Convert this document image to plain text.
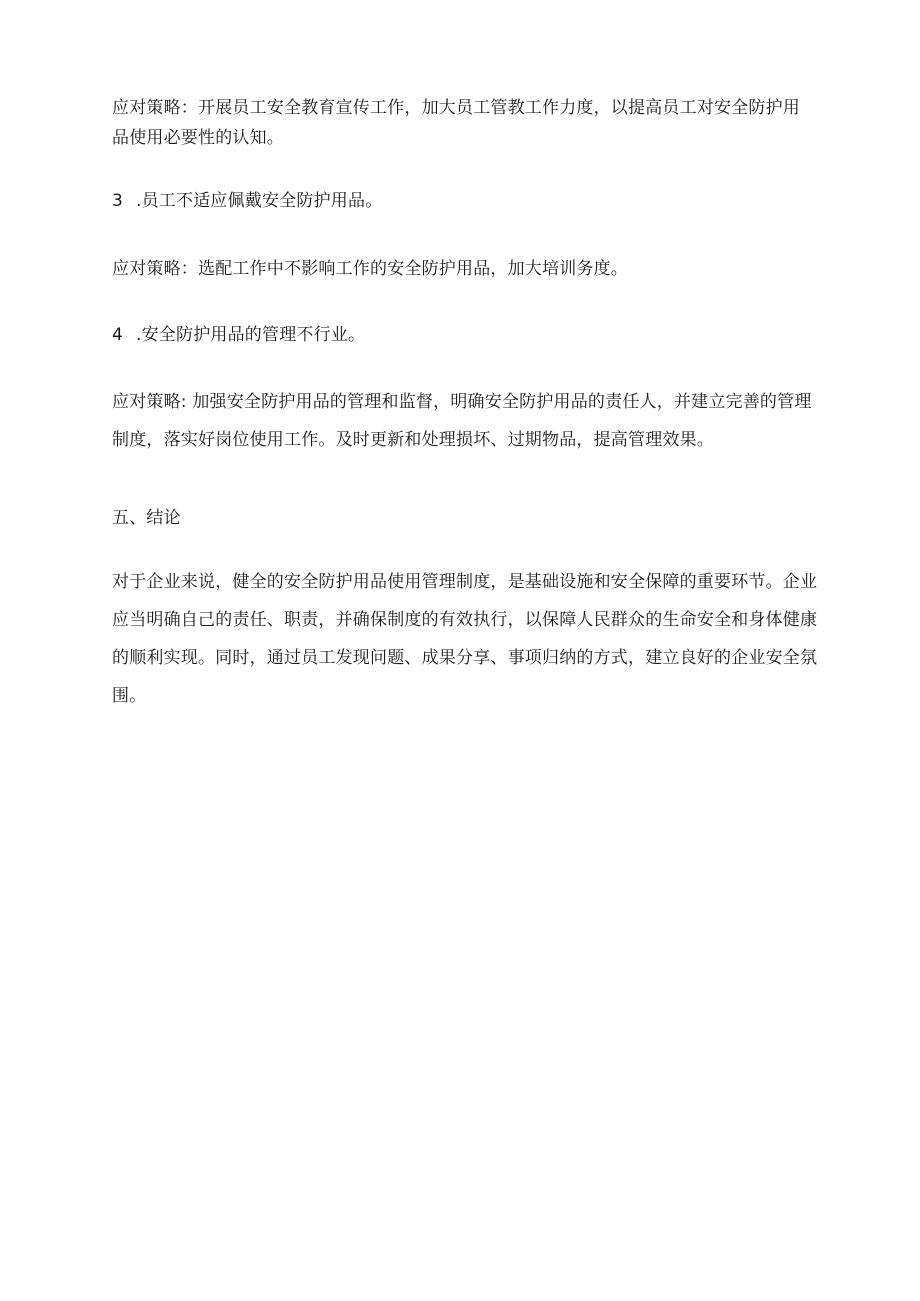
应对策略：开展员工安全教育宣传工作，加大员工管教工作力度，以提高员工对安全防护用
品使用必要性的认知。
3 .员工不适应佩戴安全防护用品。
应对策略：选配工作中不影响工作的安全防护用品，加大培训务度。
4 .安全防护用品的管理不行业。
应对策略: 加强安全防护用品的管理和监督，明确安全防护用品的责任人，并建立完善的管理
制度，落实好岗位使用工作。及时更新和处理损坏、过期物品，提高管理效果。
五、结论
对于企业来说，健全的安全防护用品使用管理制度，是基础设施和安全保障的重要环节。企业
应当明确自己的责任、职责，并确保制度的有效执行，以保障人民群众的生命安全和身体健康
的顺利实现。同时，通过员工发现问题、成果分享、事项归纳的方式，建立良好的企业安全氛
围。
